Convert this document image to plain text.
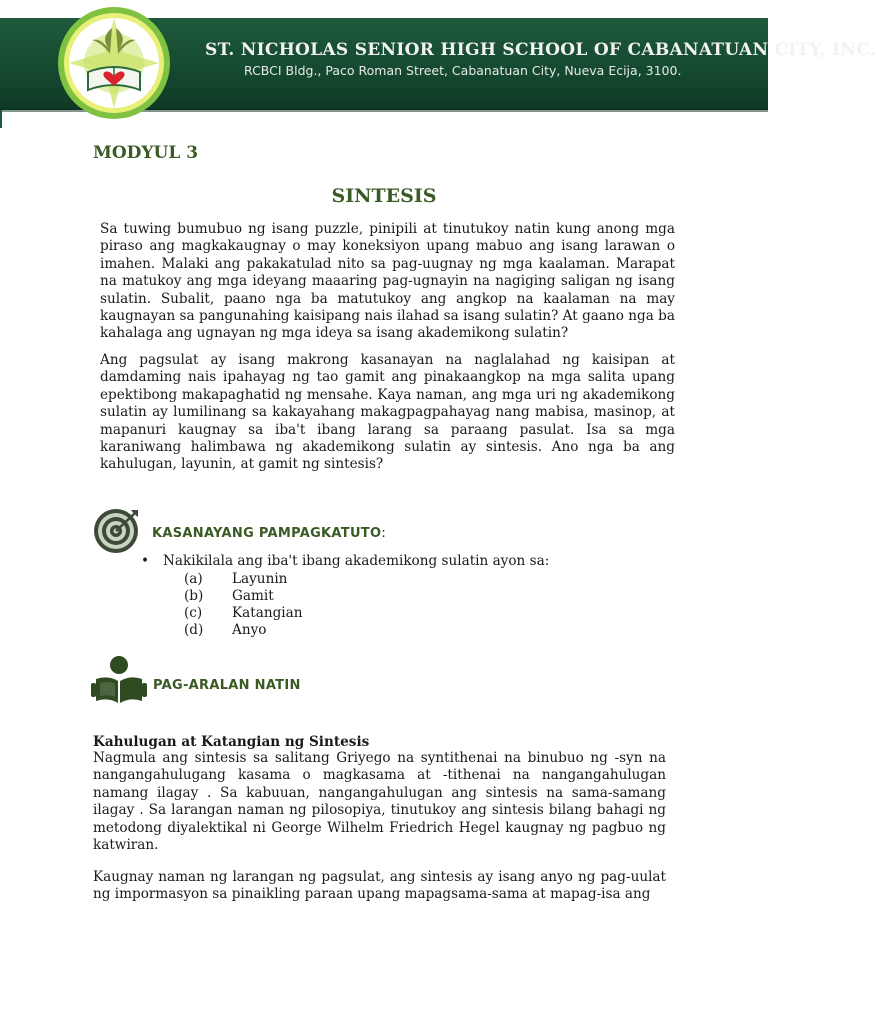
ST. NICHOLAS SENIOR HIGH SCHOOL OF CABANATUAN CITY, INC.
RCBCI Bldg., Paco Roman Street, Cabanatuan City, Nueva Ecija, 3100.
MODYUL 3
SINTESIS

Sa tuwing bumubuo ng isang puzzle, pinipili at tinutukoy natin kung anong mga piraso ang magkakaugnay o may koneksiyon upang mabuo ang isang larawan o imahen. Malaki ang pakakatulad nito sa pag-uugnay ng mga kaalaman. Marapat na matukoy ang mga ideyang maaaring pag-ugnayin na nagiging saligan ng isang sulatin. Subalit, paano nga ba matutukoy ang angkop na kaalaman na may kaugnayan sa pangunahing kaisipang nais ilahad sa isang sulatin? At gaano nga ba kahalaga ang ugnayan ng mga ideya sa isang akademikong sulatin?

Ang pagsulat ay isang makrong kasanayan na naglalahad ng kaisipan at damdaming nais ipahayag ng tao gamit ang pinakaangkop na mga salita upang epektibong makapaghatid ng mensahe. Kaya naman, ang mga uri ng akademikong sulatin ay lumilinang sa kakayahang makagpagpahayag nang mabisa, masinop, at mapanuri kaugnay sa iba't ibang larang sa paraang pasulat. Isa sa mga karaniwang halimbawa ng akademikong sulatin ay sintesis. Ano nga ba ang kahulugan, layunin, at gamit ng sintesis?

KASANAYANG PAMPAGKATUTO:
•	Nakikilala ang iba't ibang akademikong sulatin ayon sa:
(a)	Layunin
(b)	Gamit
(c)	Katangian
(d)	Anyo
PAG-ARALAN NATIN
Kahulugan at Katangian ng Sintesis

Nagmula ang sintesis sa salitang Griyego na syntithenai na binubuo ng -syn na nangangahulugang kasama o magkasama at -tithenai na nangangahulugan namang ilagay . Sa kabuuan, nangangahulugan ang sintesis na sama-samang ilagay . Sa larangan naman ng pilosopiya, tinutukoy ang sintesis bilang bahagi ng metodong diyalektikal ni George Wilhelm Friedrich Hegel kaugnay ng pagbuo ng katwiran.

Kaugnay naman ng larangan ng pagsulat, ang sintesis ay isang anyo ng pag-uulat ng impormasyon sa pinaikling paraan upang mapagsama-sama at mapag-isa ang
